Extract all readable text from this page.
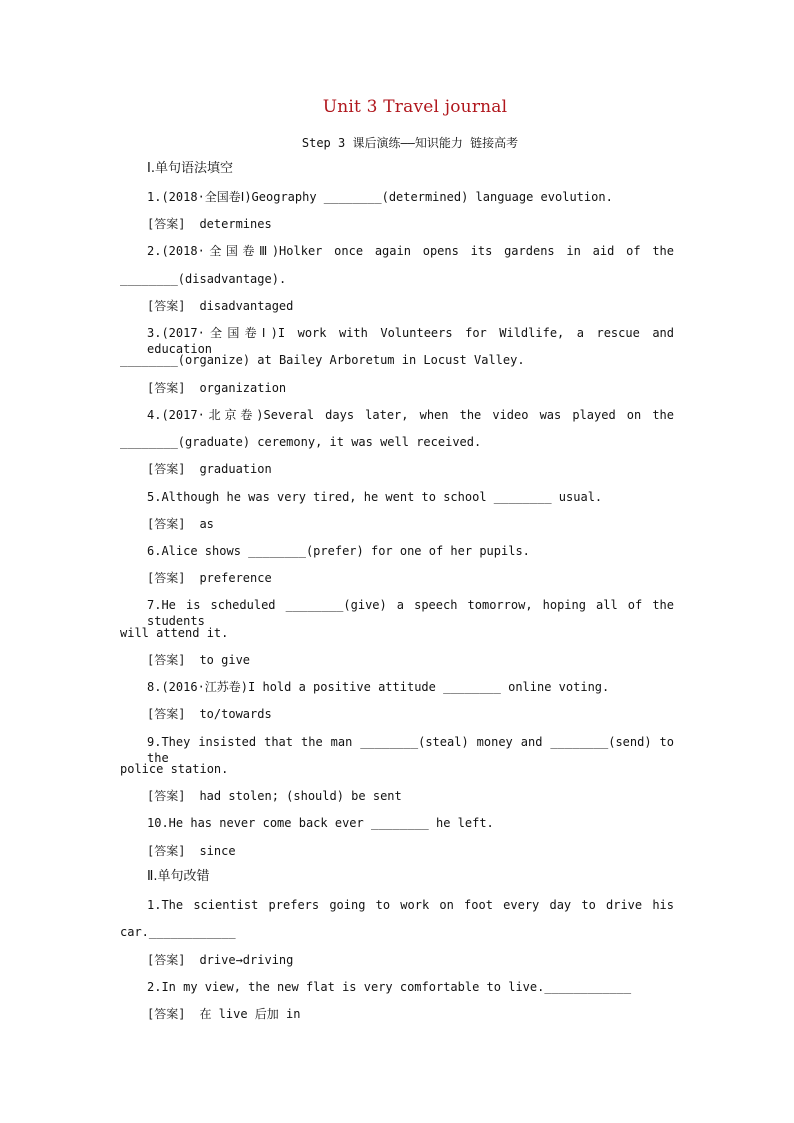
Unit 3 Travel journal
Step 3 课后演练——知识能力 链接高考
Ⅰ.单句语法填空
1.(2018·全国卷Ⅰ)Geography ________(determined) language evolution.
[答案] determines
2.(2018·全国卷Ⅲ)Holker once again opens its gardens in aid of the
________(disadvantage).
[答案] disadvantaged
3.(2017·全国卷Ⅰ)I work with Volunteers for Wildlife, a rescue and education
________(organize) at Bailey Arboretum in Locust Valley.
[答案] organization
4.(2017·北京卷)Several days later, when the video was played on the
________(graduate) ceremony, it was well received.
[答案] graduation
5.Although he was very tired, he went to school ________ usual.
[答案] as
6.Alice shows ________(prefer) for one of her pupils.
[答案] preference
7.He is scheduled ________(give) a speech tomorrow, hoping all of the students
will attend it.
[答案] to give
8.(2016·江苏卷)I hold a positive attitude ________ online voting.
[答案] to/towards
9.They insisted that the man ________(steal) money and ________(send) to the
police station.
[答案] had stolen; (should) be sent
10.He has never come back ever ________ he left.
[答案] since
Ⅱ.单句改错
1.The scientist prefers going to work on foot every day to drive his
car.____________
[答案] drive→driving
2.In my view, the new flat is very comfortable to live.____________
[答案] 在 live 后加 in
